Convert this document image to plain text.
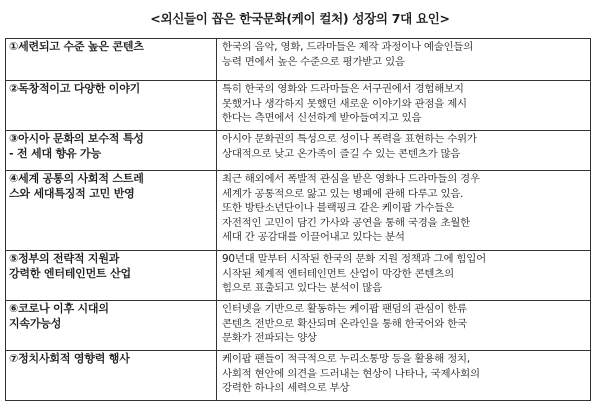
<외신들이 꼽은 한국문화(케이 컬처) 성장의 7대 요인>
①세련되고 수준 높은 콘텐츠	한국의 음악, 영화, 드라마들은 제작 과정이나 예술인들의
능력 면에서 높은 수준으로 평가받고 있음

②독창적이고 다양한 이야기	특히 한국의 영화와 드라마들은 서구권에서 경험해보지
못했거나 생각하지 못했던 새로운 이야기와 관점을 제시
한다는 측면에서 신선하게 받아들여지고 있음

③아시아 문화의 보수적 특성
- 전 세대 향유 가능	아시아 문화권의 특성으로 성이나 폭력을 표현하는 수위가
상대적으로 낮고 온가족이 즐길 수 있는 콘텐츠가 많음

④세계 공통의 사회적 스트레
스와 세대특징적 고민 반영	최근 해외에서 폭발적 관심을 받은 영화나 드라마들의 경우
세계가 공통적으로 앓고 있는 병폐에 관해 다루고 있음.
또한 방탄소년단이나 블랙핑크 같은 케이팝 가수들은
자전적인 고민이 담긴 가사와 공연을 통해 국경을 초월한
세대 간 공감대를 이끌어내고 있다는 분석

⑤정부의 전략적 지원과
강력한 엔터테인먼트 산업	90년대 말부터 시작된 한국의 문화 지원 정책과 그에 힘입어
시작된 체계적 엔터테인먼트 산업이 막강한 콘텐츠의
힘으로 표출되고 있다는 분석이 많음

⑥코로나 이후 시대의
지속가능성	인터넷을 기반으로 활동하는 케이팝 팬덤의 관심이 한류
콘텐츠 전반으로 확산되며 온라인을 통해 한국어와 한국
문화가 전파되는 양상

⑦정치사회적 영향력 행사	케이팝 팬들이 적극적으로 누리소통망 등을 활용해 정치,
사회적 현안에 의견을 드러내는 현상이 나타나, 국제사회의
강력한 하나의 세력으로 부상
